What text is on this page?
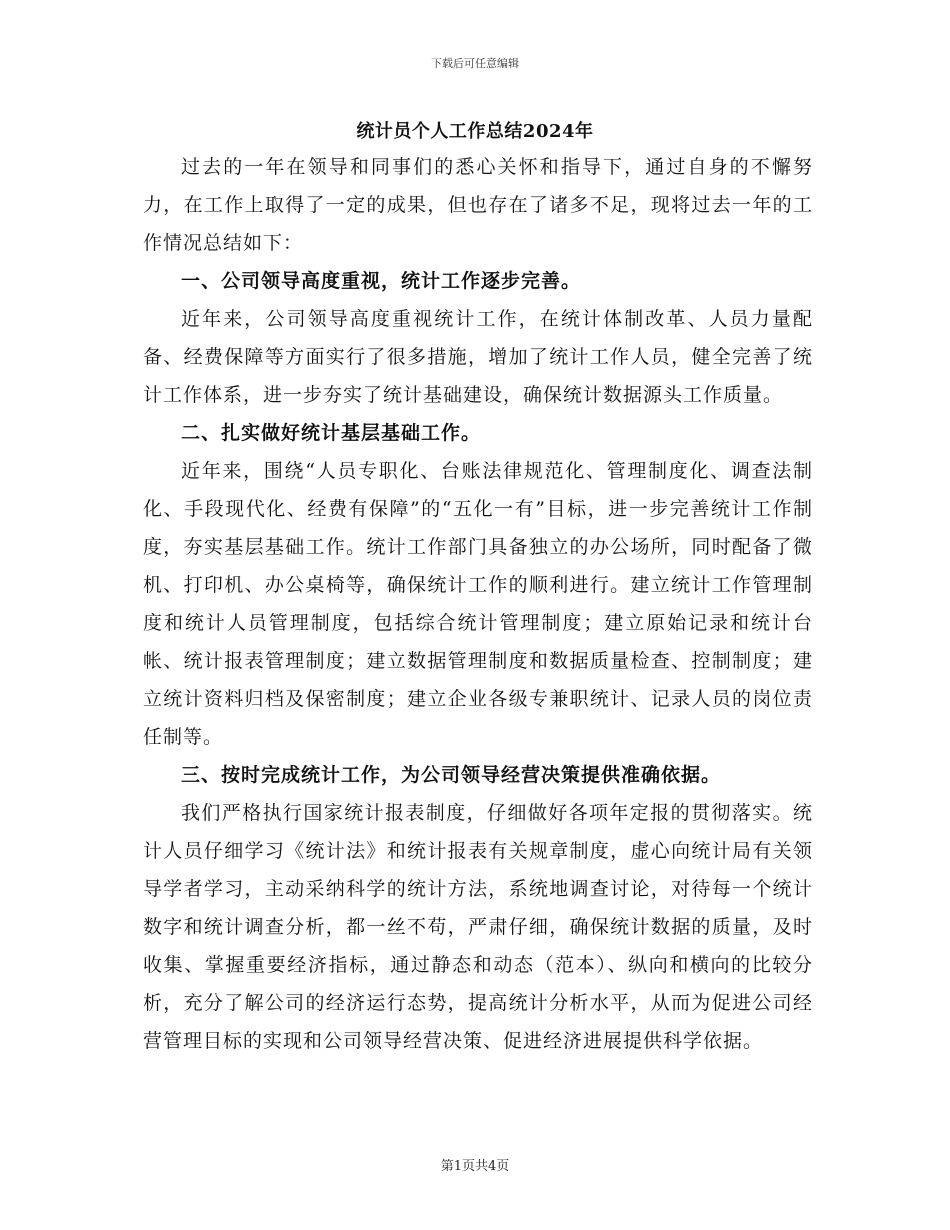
下载后可任意编辑
统计员个人工作总结2024年

过去的一年在领导和同事们的悉心关怀和指导下，通过自身的不懈努力，在工作上取得了一定的成果，但也存在了诸多不足，现将过去一年的工作情况总结如下：

一、公司领导高度重视，统计工作逐步完善。

近年来，公司领导高度重视统计工作，在统计体制改革、人员力量配备、经费保障等方面实行了很多措施，增加了统计工作人员，健全完善了统计工作体系，进一步夯实了统计基础建设，确保统计数据源头工作质量。

二、扎实做好统计基层基础工作。

近年来，围绕“人员专职化、台账法律规范化、管理制度化、调查法制化、手段现代化、经费有保障”的“五化一有”目标，进一步完善统计工作制度，夯实基层基础工作。统计工作部门具备独立的办公场所，同时配备了微机、打印机、办公桌椅等，确保统计工作的顺利进行。建立统计工作管理制度和统计人员管理制度，包括综合统计管理制度；建立原始记录和统计台帐、统计报表管理制度；建立数据管理制度和数据质量检查、控制制度；建立统计资料归档及保密制度；建立企业各级专兼职统计、记录人员的岗位责任制等。

三、按时完成统计工作，为公司领导经营决策提供准确依据。

我们严格执行国家统计报表制度，仔细做好各项年定报的贯彻落实。统计人员仔细学习《统计法》和统计报表有关规章制度，虚心向统计局有关领导学者学习，主动采纳科学的统计方法，系统地调查讨论，对待每一个统计数字和统计调查分析，都一丝不苟，严肃仔细，确保统计数据的质量，及时收集、掌握重要经济指标，通过静态和动态（范本）、纵向和横向的比较分析，充分了解公司的经济运行态势，提高统计分析水平，从而为促进公司经营管理目标的实现和公司领导经营决策、促进经济进展提供科学依据。

第1页共4页
